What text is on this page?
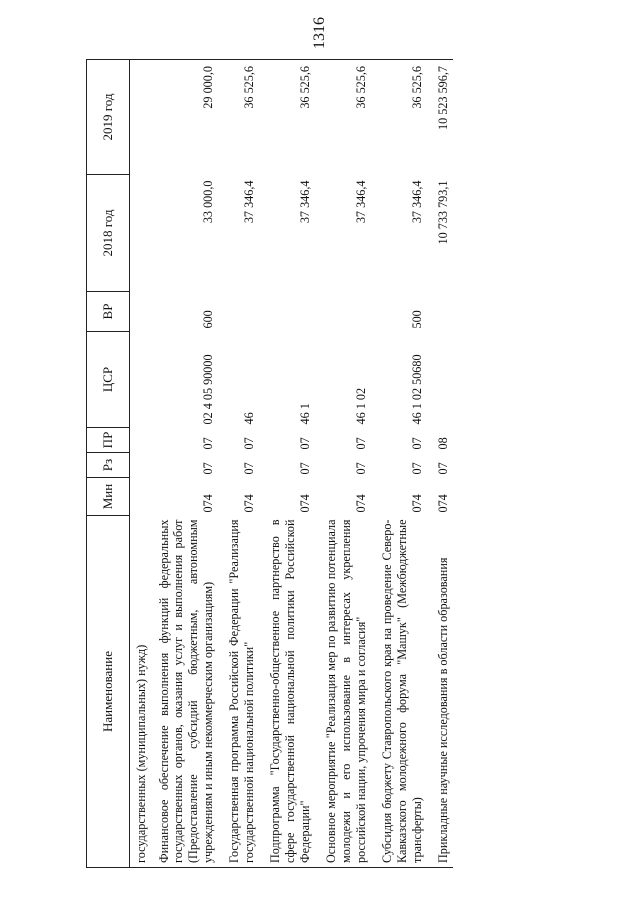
1316
Наименование	Мин	Рз	ПР	ЦСР	ВР	2018 год	2019 год
государственных (муниципальных) нужд)							
Финансовое обеспечение выполнения функций федеральных государственных органов, оказания услуг и выполнения работ (Предоставление субсидий бюджетным, автономным учреждениям и иным некоммерческим организациям)	074	07	07	02 4 05 90000	600	33 000,0	29 000,0

Государственная программа Российской Федерации "Реализация государственной национальной политики"	074	07	07	46		37 346,4	36 525,6

Подпрограмма "Государственно-общественное партнерство в сфере государственной национальной политики Российской Федерации"	074	07	07	46 1		37 346,4	36 525,6

Основное мероприятие "Реализация мер по развитию потенциала молодежи и его использование в интересах укрепления российской нации, упрочения мира и согласия"	074	07	07	46 1 02		37 346,4	36 525,6

Субсидия бюджету Ставропольского края на проведение Северо-Кавказского молодежного форума "Машук" (Межбюджетные трансферты)	074	07	07	46 1 02 50680	500	37 346,4	36 525,6

Прикладные научные исследования в области образования	074	07	08			10 733 793,1	10 523 596,7
